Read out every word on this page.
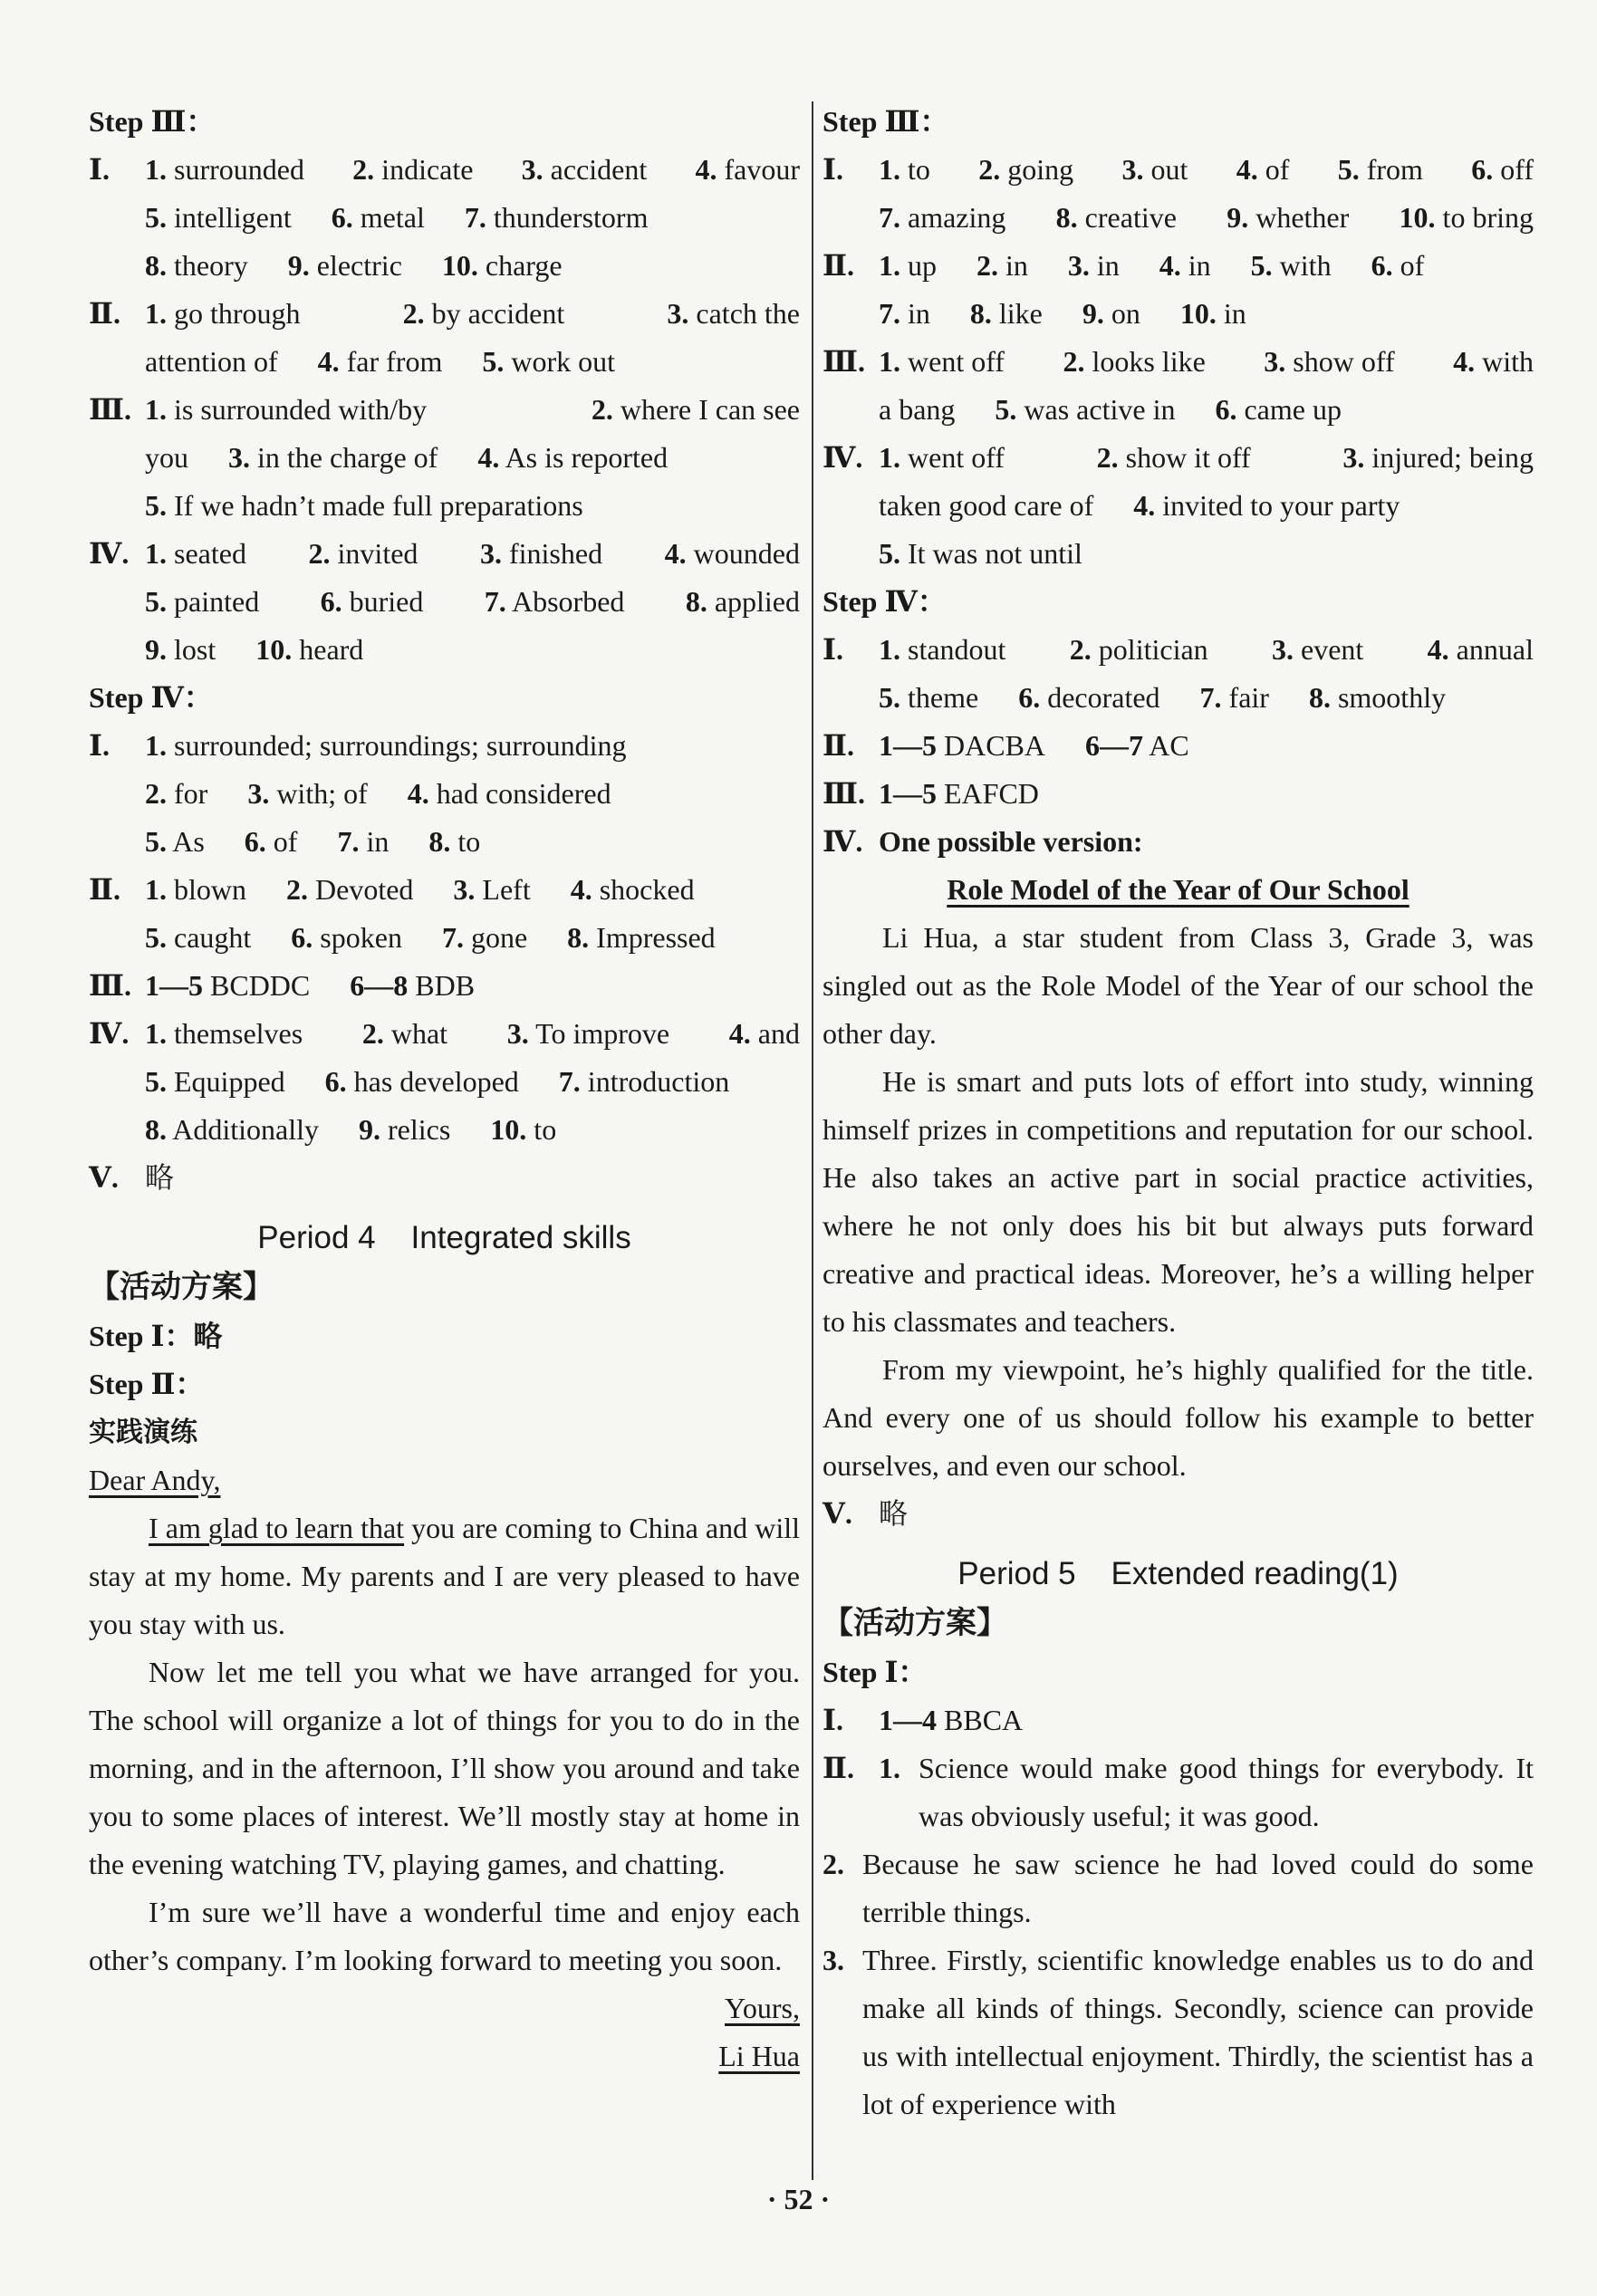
Step Ⅲ：
Ⅰ.	1. surrounded 2. indicate 3. accident 4. favour
5. intelligent 6. metal 7. thunderstorm
8. theory 9. electric 10. charge
Ⅱ. 1. go through	2. by accident	3. catch the
attention of 4. far from 5. work out
Ⅲ. 1. is surrounded with/by	2. where I can see
you 3. in the charge of 4. As is reported
5. If we hadn’t made full preparations
Ⅳ. 1. seated 2. invited 3. finished 4. wounded
5. painted 6. buried 7. Absorbed 8. applied
9. lost 10. heard
Step Ⅳ：
Ⅰ.	1. surrounded; surroundings; surrounding
2. for 3. with; of 4. had considered
5. As 6. of 7. in 8. to
Ⅱ. 1. blown 2. Devoted 3. Left 4. shocked
5. caught 6. spoken 7. gone 8. Impressed
Ⅲ. 1—5 BCDDC 6—8 BDB
Ⅳ. 1. themselves 2. what 3. To improve 4. and
5. Equipped 6. has developed 7. introduction
8. Additionally 9. relics 10. to
Ⅴ. 略
Period 4    Integrated skills
【活动方案】
Step Ⅰ：略
Step Ⅱ：
实践演练
Dear Andy,
I am glad to learn that you are coming to China and will stay at my home. My parents and I are very pleased to have you stay with us.
Now let me tell you what we have arranged for you. The school will organize a lot of things for you to do in the morning, and in the afternoon, I’ll show you around and take you to some places of interest. We’ll mostly stay at home in the evening watching TV, playing games, and chatting.
I’m sure we’ll have a wonderful time and enjoy each other’s company. I’m looking forward to meeting you soon.
Yours,
Li Hua
Step Ⅲ：
Ⅰ.	1. to 2. going 3. out 4. of 5. from 6. off
7. amazing 8. creative 9. whether 10. to bring
Ⅱ. 1. up 2. in 3. in 4. in 5. with 6. of
7. in 8. like 9. on 10. in
Ⅲ. 1. went off 2. looks like 3. show off 4. with
a bang 5. was active in 6. came up
Ⅳ. 1. went off	2. show it off	3. injured; being
taken good care of 4. invited to your party
5. It was not until
Step Ⅳ：
Ⅰ.	1. standout 2. politician 3. event 4. annual
5. theme 6. decorated 7. fair 8. smoothly
Ⅱ. 1—5 DACBA 6—7 AC
Ⅲ. 1—5 EAFCD
Ⅳ. One possible version:
Role Model of the Year of Our School
Li Hua, a star student from Class 3, Grade 3, was singled out as the Role Model of the Year of our school the other day.
He is smart and puts lots of effort into study, winning himself prizes in competitions and reputation for our school. He also takes an active part in social practice activities, where he not only does his bit but always puts forward creative and practical ideas. Moreover, he’s a willing helper to his classmates and teachers.
From my viewpoint, he’s highly qualified for the title. And every one of us should follow his example to better ourselves, and even our school.
Ⅴ. 略
Period 5    Extended reading(1)
【活动方案】
Step Ⅰ：
Ⅰ.	1—4 BBCA
Ⅱ. 1. Science would make good things for everybody. It was obviously useful; it was good.
2. Because he saw science he had loved could do some terrible things.
3. Three. Firstly, scientific knowledge enables us to do and make all kinds of things. Secondly, science can provide us with intellectual enjoyment. Thirdly, the scientist has a lot of experience with
· 52 ·
